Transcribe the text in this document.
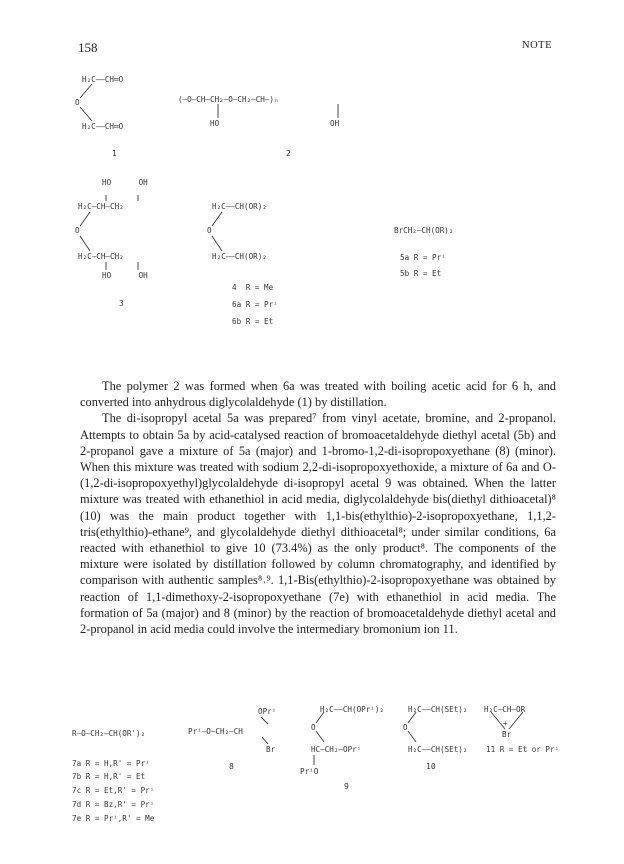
158	NOTE
H₂C——CH═O
O
H₂C——CH═O
1
(—O—CH—CH₂—O—CH₂—CH—)ₙ
HO	OH
2
HO      OH
H₂C—CH—CH₂
O
H₂C—CH—CH₂
HO      OH
3
H₂C——CH(OR)₂
O
H₂C——CH(OR)₂
4  R = Me
6a R = Prⁱ
6b R = Et
BrCH₂—CH(OR)₂
5a R = Prⁱ
5b R = Et

The polymer 2 was formed when 6a was treated with boiling acetic acid for 6 h, and converted into anhydrous diglycolaldehyde (1) by distillation.

The di-isopropyl acetal 5a was prepared⁷ from vinyl acetate, bromine, and 2-propanol. Attempts to obtain 5a by acid-catalysed reaction of bromoacetaldehyde diethyl acetal (5b) and 2-propanol gave a mixture of 5a (major) and 1-bromo-1,2-di-isopropoxyethane (8) (minor). When this mixture was treated with sodium 2,2-di-isopropoxyethoxide, a mixture of 6a and O-(1,2-di-isopropoxyethyl)glycolaldehyde di-isopropyl acetal 9 was obtained. When the latter mixture was treated with ethanethiol in acid media, diglycolaldehyde bis(diethyl dithioacetal)⁸ (10) was the main product together with 1,1-bis(ethylthio)-2-isopropoxyethane, 1,1,2-tris(ethylthio)-ethane⁹, and glycolaldehyde diethyl dithioacetal⁸; under similar conditions, 6a reacted with ethanethiol to give 10 (73.4%) as the only product⁸. The components of the mixture were isolated by distillation followed by column chromatography, and identified by comparison with authentic samples⁸˒⁹. 1,1-Bis(ethylthio)-2-isopropoxyethane was obtained by reaction of 1,1-dimethoxy-2-isopropoxyethane (7e) with ethanethiol in acid media. The formation of 5a (major) and 8 (minor) by the reaction of bromoacetaldehyde diethyl acetal and 2-propanol in acid media could involve the intermediary bromonium ion 11.

R—O—CH₂—CH(OR')₂
7a R = H,R' = Prⁱ
7b R = H,R' = Et
7c R = Et,R' = Prⁱ
7d R = Bz,R' = Prⁱ
7e R = Prⁱ,R' = Me
OPrⁱ
Prⁱ—O—CH₂—CH
Br
8
H₂C——CH(OPrⁱ)₂
O
HC—CH₂—OPrⁱ
PrⁱO
9
H₂C——CH(SEt)₂
O
H₂C——CH(SEt)₂
10
H₂C—CH—OR
+
Br
11 R = Et or Prⁱ
